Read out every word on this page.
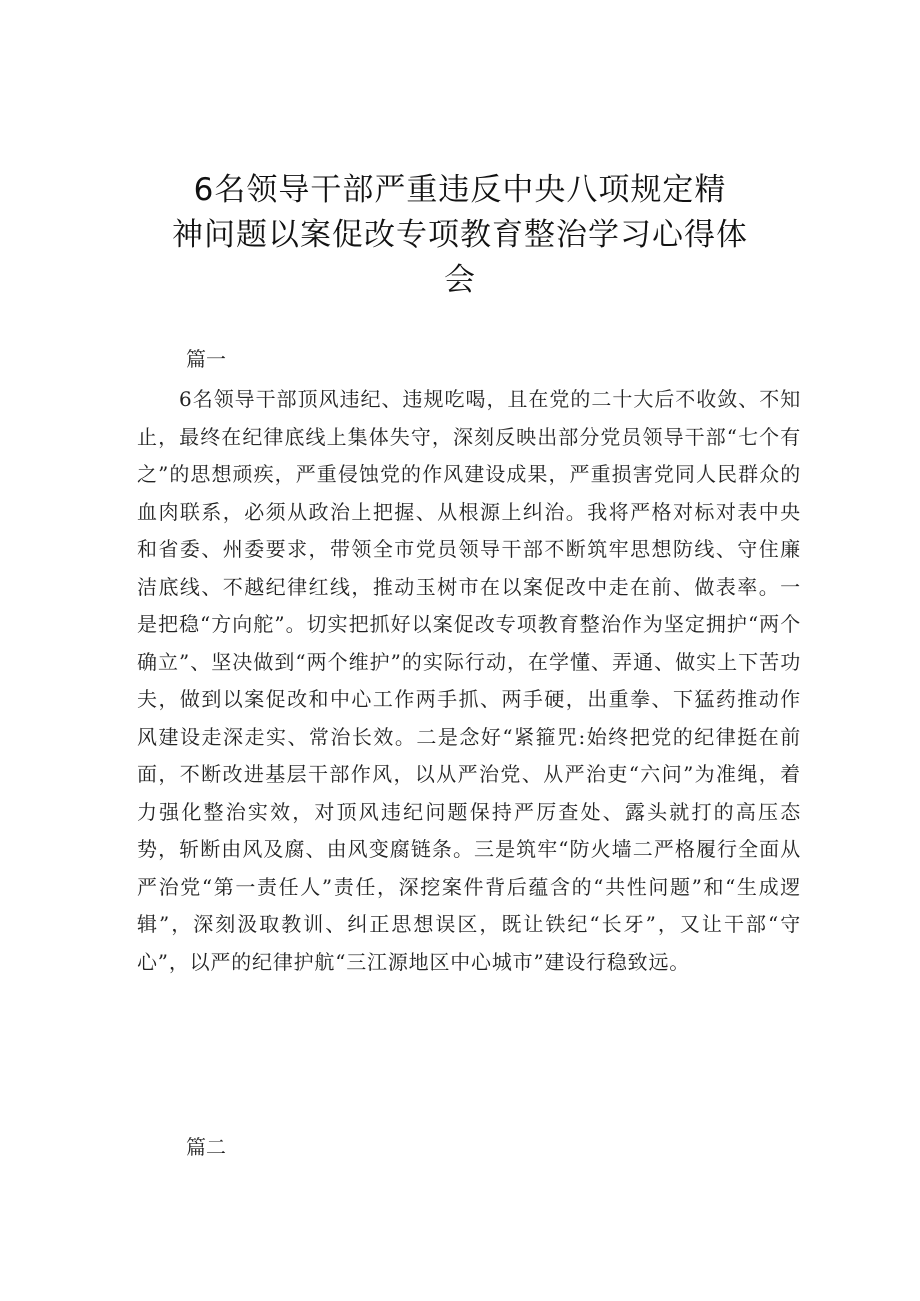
6名领导干部严重违反中央八项规定精
神问题以案促改专项教育整治学习心得体
会
篇一

6名领导干部顶风违纪、违规吃喝，且在党的二十大后不收敛、不知止，最终在纪律底线上集体失守，深刻反映出部分党员领导干部“七个有之”的思想顽疾，严重侵蚀党的作风建设成果，严重损害党同人民群众的血肉联系，必须从政治上把握、从根源上纠治。我将严格对标对表中央和省委、州委要求，带领全市党员领导干部不断筑牢思想防线、守住廉洁底线、不越纪律红线，推动玉树市在以案促改中走在前、做表率。一是把稳“方向舵”。切实把抓好以案促改专项教育整治作为坚定拥护“两个确立”、坚决做到“两个维护”的实际行动，在学懂、弄通、做实上下苦功夫，做到以案促改和中心工作两手抓、两手硬，出重拳、下猛药推动作风建设走深走实、常治长效。二是念好“紧箍咒:始终把党的纪律挺在前面，不断改进基层干部作风，以从严治党、从严治吏“六问”为准绳，着力强化整治实效，对顶风违纪问题保持严厉查处、露头就打的高压态势，斩断由风及腐、由风变腐链条。三是筑牢“防火墙二严格履行全面从严治党“第一责任人”责任，深挖案件背后蕴含的“共性问题”和“生成逻辑”，深刻汲取教训、纠正思想误区，既让铁纪“长牙”，又让干部“守心”，以严的纪律护航“三江源地区中心城市”建设行稳致远。

篇二
